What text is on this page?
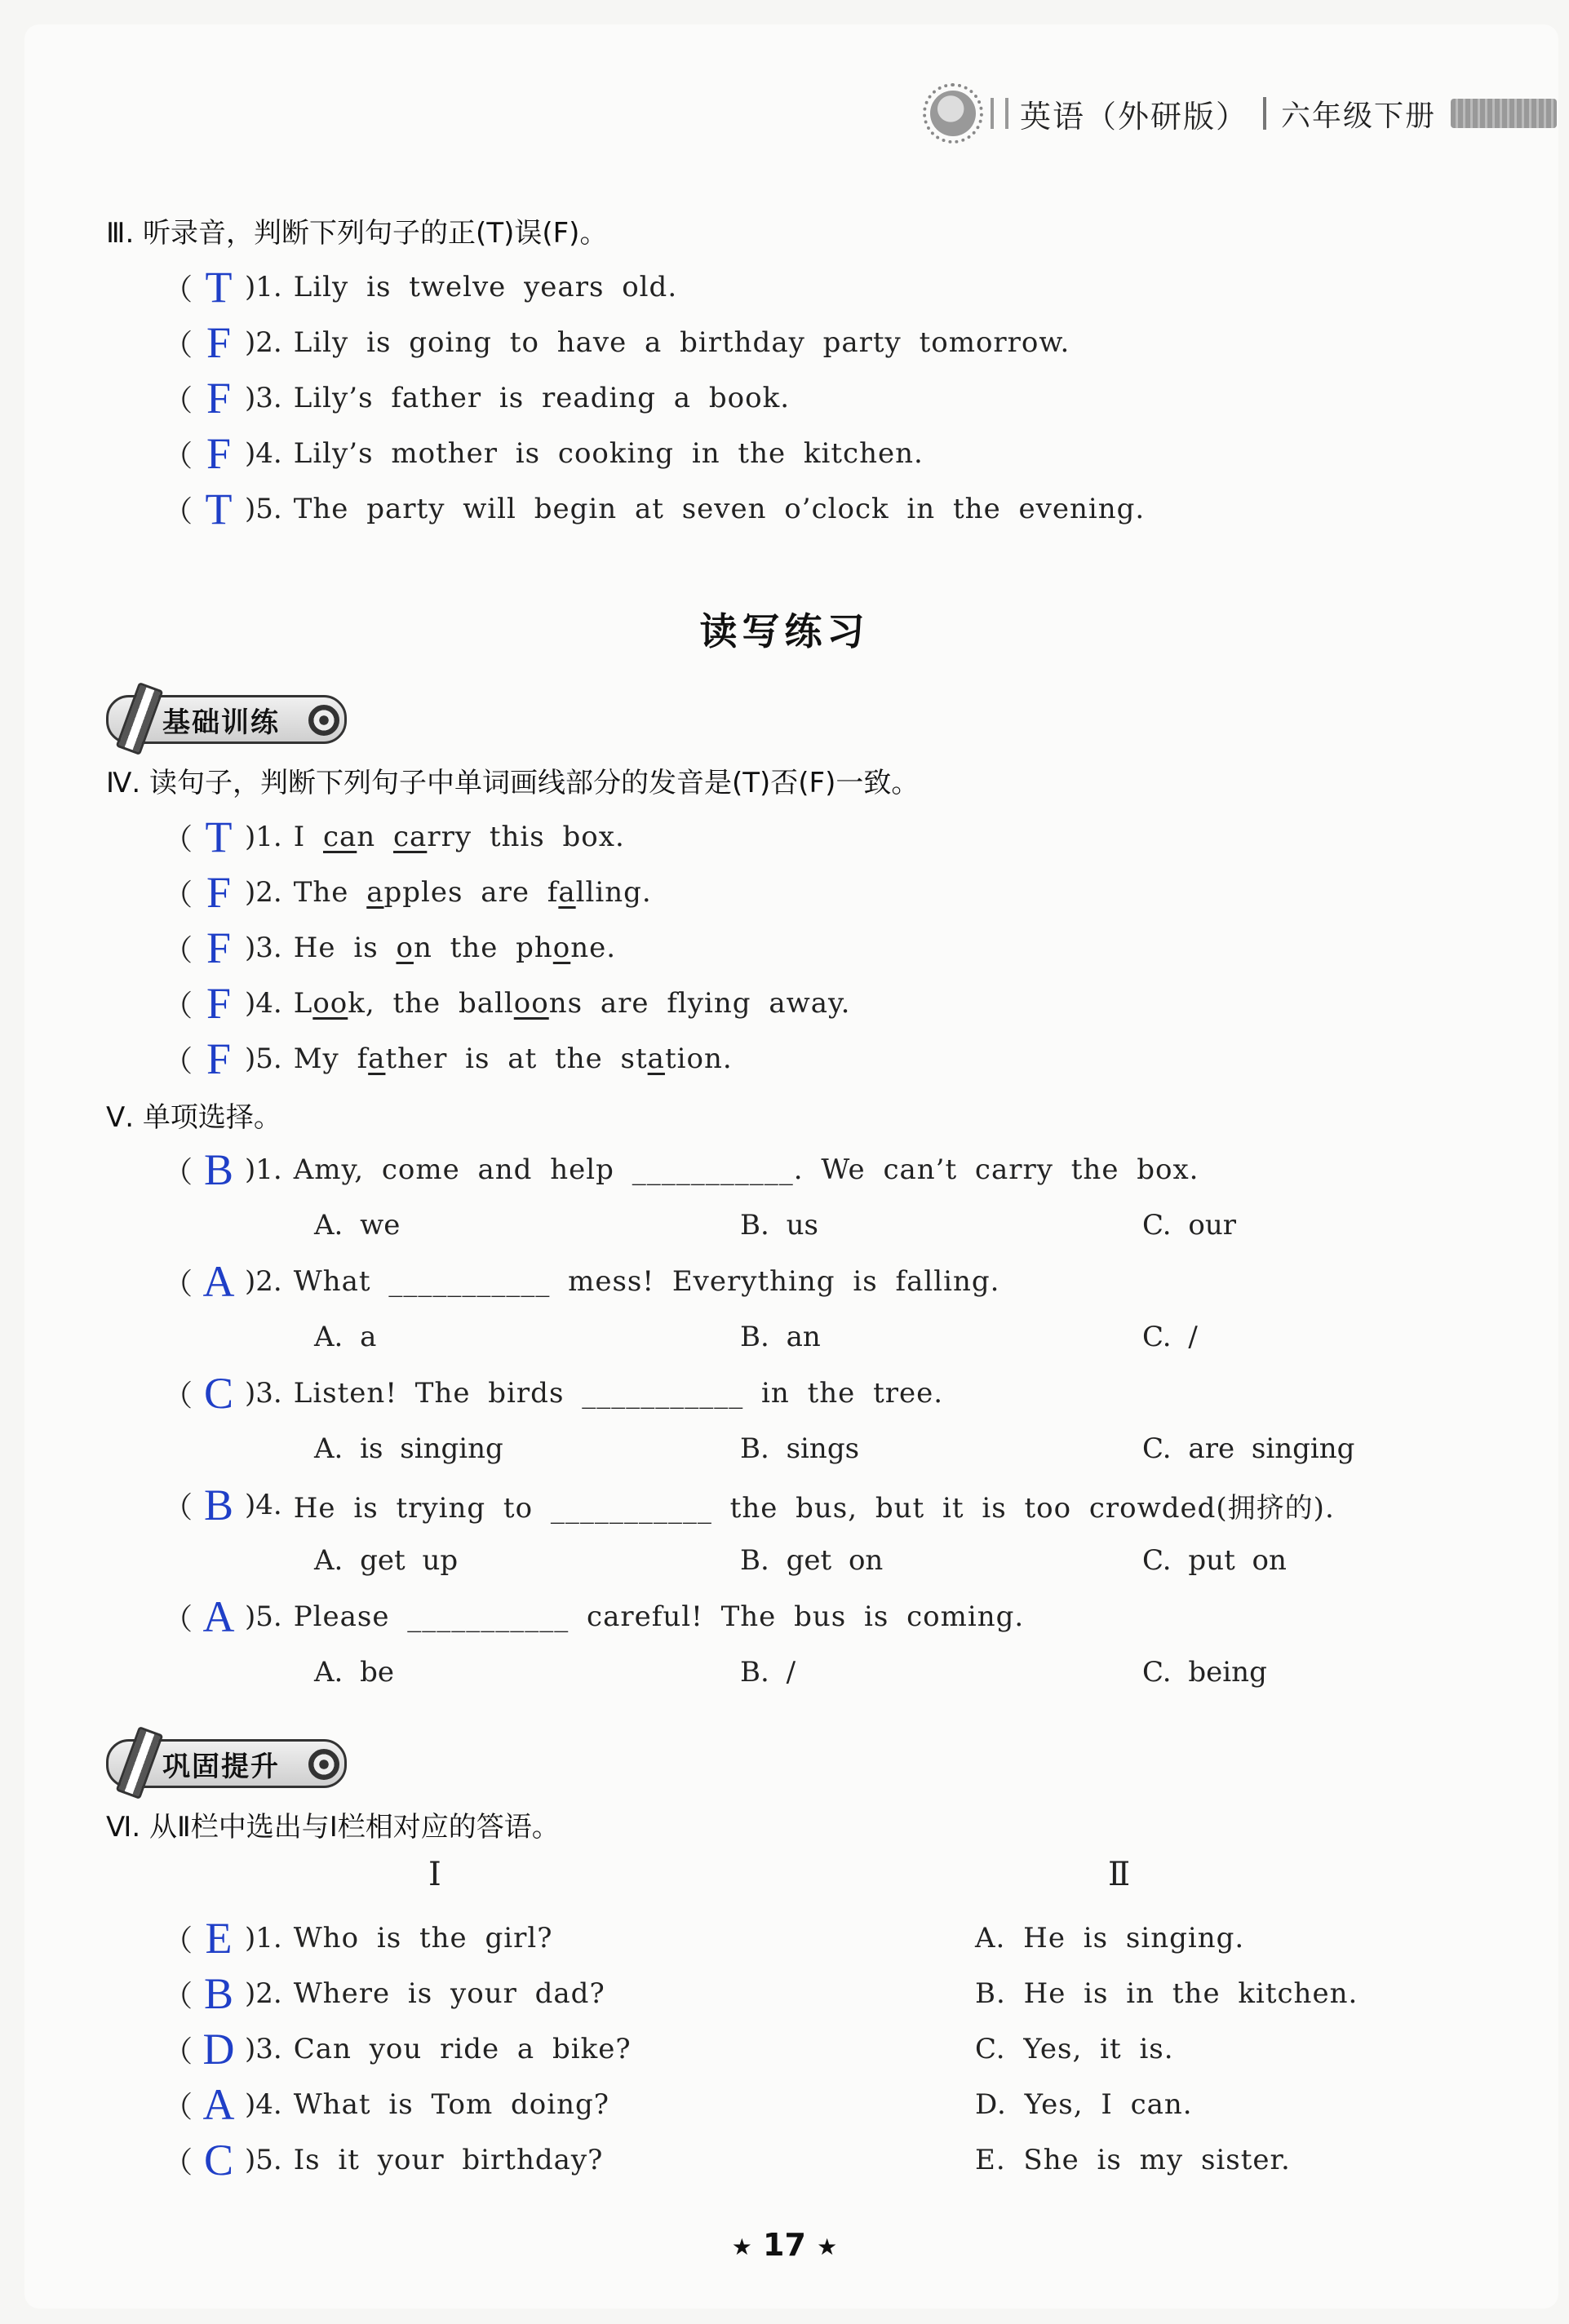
英语 （外研版） 六年级下册
Ⅲ. 听录音，判断下列句子的正(T)误(F)。
（ T )1. Lily is twelve years old.
（ F )2. Lily is going to have a birthday party tomorrow.
（ F )3. Lily’s father is reading a book.
（ F )4. Lily’s mother is cooking in the kitchen.
（ T )5. The party will begin at seven o’clock in the evening.
读写练习
基础训练
Ⅳ. 读句子，判断下列句子中单词画线部分的发音是(T)否(F)一致。
（ T )1. I can carry this box.
（ F )2. The apples are falling.
（ F )3. He is on the phone.
（ F )4. Look, the balloons are flying away.
（ F )5. My father is at the station.
Ⅴ. 单项选择。
（ B )1. Amy, come and help ___________. We can’t carry the box.
A. we	B. us	C. our
（ A )2. What ___________ mess! Everything is falling.
A. a	B. an	C. /
（ C )3. Listen! The birds ___________ in the tree.
A. is singing	B. sings	C. are singing
（ B )4. He is trying to ___________ the bus, but it is too crowded(拥挤的).
A. get up	B. get on	C. put on
（ A )5. Please ___________ careful! The bus is coming.
A. be	B. /	C. being
巩固提升
Ⅵ. 从Ⅱ栏中选出与Ⅰ栏相对应的答语。
Ⅰ	Ⅱ
（ E )1. Who is the girl?	A. He is singing.
（ B )2. Where is your dad?	B. He is in the kitchen.
（ D )3. Can you ride a bike?	C. Yes, it is.
（ A )4. What is Tom doing?	D. Yes, I can.
（ C )5. Is it your birthday?	E. She is my sister.
★ 17 ★
